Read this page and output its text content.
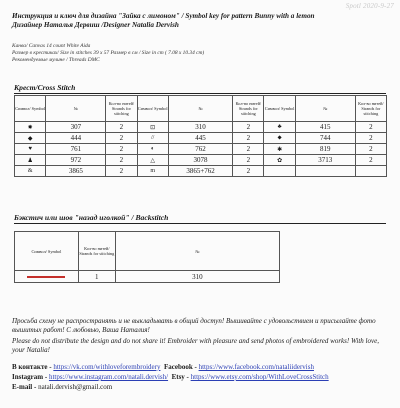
Spotl 2020-9-27
Инструкция и ключ для дизайна "Зайка с лимоном" / Symbol key for pattern Bunny with a lemon
Дизайнер Наталья Дервиш /Designer Natalia Dervish
Канва/ Canvas 14 count White Aida
Размер в крестиках/ Size in stitches 39 x 57 Размер в см / Size in cm ( 7.08 x 10.34 cm)
Рекомендуемые мулине / Threads DMC
Крест/Cross Stitch
Символ/ Symbol	№	Кол-во нитей/ Strands for stitching	Символ/ Symbol	№	Кол-во нитей/ Strands for stitching	Символ/ Symbol	№	Кол-во нитей/ Strands for stitching
✸	307	2	⊡	310	2	♣	415	2
◆	444	2	//	445	2	⬥	744	2
♥	761	2	◐	762	2	✱	819	2
♟	972	2	△	3078	2	✿	3713	2
&	3865	2	m	3865+762	2			
Бэкстич или шов "назад иголкой" / Backstitch
Символ/ Symbol	Кол-во нитей/ Strands for stitching	№

	1	310
Просьба схему не распространять и не выкладывать в общий доступ! Вышивайте с удовольствием и присылайте фото вышитых работ! С любовью, Ваша Наталия!
Please do not distribute the design and do not share it! Embroider with pleasure and send photos of embroidered works! With love, your Natalia!
В контакте - https://vk.com/withloveforembroidery Facebook - https://www.facebook.com/nataliidervish
Instagram - https://www.instagram.com/natali.dervish/ Etsy - https://www.etsy.com/shop/WithLoveCrossStitch
E-mail - natali.dervish@gmail.com
